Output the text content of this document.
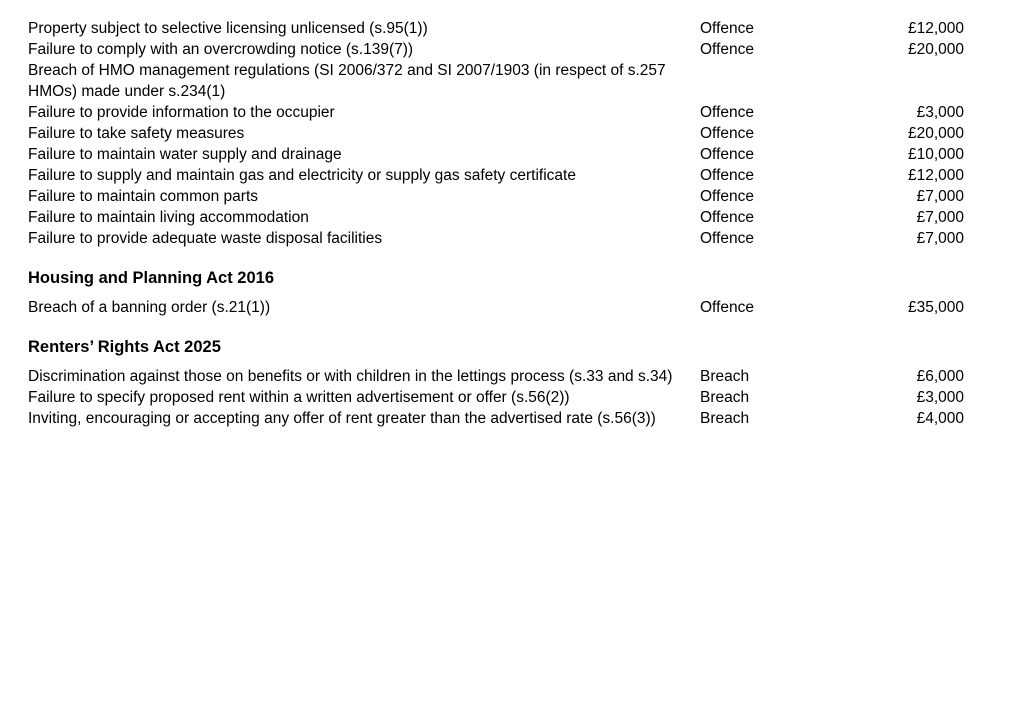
Property subject to selective licensing unlicensed (s.95(1))	Offence	£12,000
Failure to comply with an overcrowding notice (s.139(7))	Offence	£20,000
Breach of HMO management regulations (SI 2006/372 and SI 2007/1903 (in respect of s.257 HMOs) made under s.234(1)		
Failure to provide information to the occupier	Offence	£3,000
Failure to take safety measures	Offence	£20,000
Failure to maintain water supply and drainage	Offence	£10,000
Failure to supply and maintain gas and electricity or supply gas safety certificate	Offence	£12,000
Failure to maintain common parts	Offence	£7,000
Failure to maintain living accommodation	Offence	£7,000
Failure to provide adequate waste disposal facilities	Offence	£7,000
Housing and Planning Act 2016		
Breach of a banning order (s.21(1))	Offence	£35,000
Renters’ Rights Act 2025		
Discrimination against those on benefits or with children in the lettings process (s.33 and s.34)	Breach	£6,000
Failure to specify proposed rent within a written advertisement or offer (s.56(2))	Breach	£3,000
Inviting, encouraging or accepting any offer of rent greater than the advertised rate (s.56(3))	Breach	£4,000
